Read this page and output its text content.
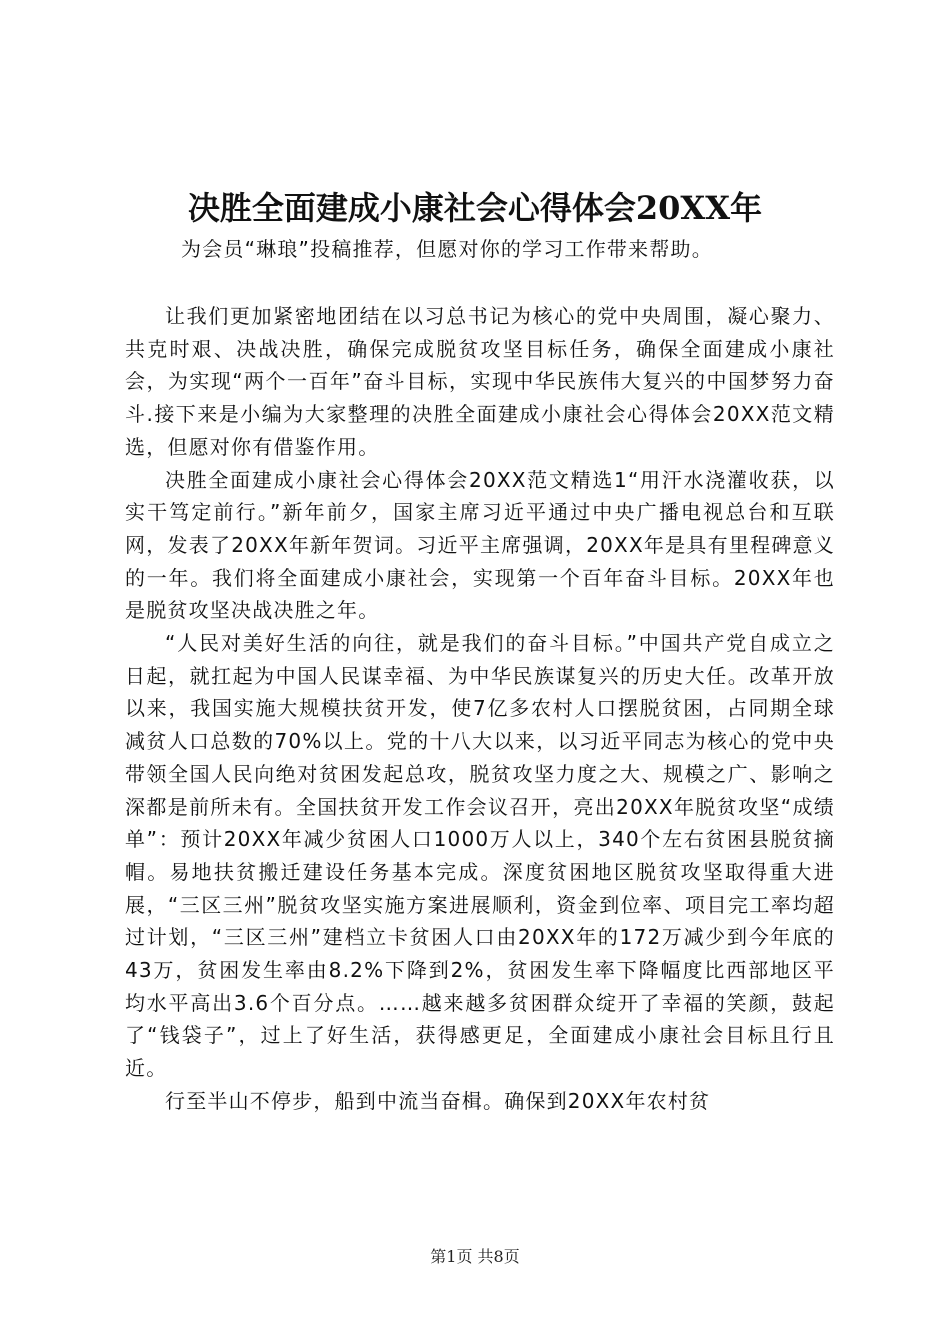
决胜全面建成小康社会心得体会20XX年
为会员“琳琅”投稿推荐，但愿对你的学习工作带来帮助。

让我们更加紧密地团结在以习总书记为核心的党中央周围，凝心聚力、共克时艰、决战决胜，确保完成脱贫攻坚目标任务，确保全面建成小康社会，为实现“两个一百年”奋斗目标，实现中华民族伟大复兴的中国梦努力奋斗.接下来是小编为大家整理的决胜全面建成小康社会心得体会20XX范文精选，但愿对你有借鉴作用。

决胜全面建成小康社会心得体会20XX范文精选1“用汗水浇灌收获，以实干笃定前行。”新年前夕，国家主席习近平通过中央广播电视总台和互联网，发表了20XX年新年贺词。习近平主席强调，20XX年是具有里程碑意义的一年。我们将全面建成小康社会，实现第一个百年奋斗目标。20XX年也是脱贫攻坚决战决胜之年。

“人民对美好生活的向往，就是我们的奋斗目标。”中国共产党自成立之日起，就扛起为中国人民谋幸福、为中华民族谋复兴的历史大任。改革开放以来，我国实施大规模扶贫开发，使7亿多农村人口摆脱贫困，占同期全球减贫人口总数的70%以上。党的十八大以来，以习近平同志为核心的党中央带领全国人民向绝对贫困发起总攻，脱贫攻坚力度之大、规模之广、影响之深都是前所未有。全国扶贫开发工作会议召开，亮出20XX年脱贫攻坚“成绩单”：预计20XX年减少贫困人口1000万人以上，340个左右贫困县脱贫摘帽。易地扶贫搬迁建设任务基本完成。深度贫困地区脱贫攻坚取得重大进展，“三区三州”脱贫攻坚实施方案进展顺利，资金到位率、项目完工率均超过计划，“三区三州”建档立卡贫困人口由20XX年的172万减少到今年底的43万，贫困发生率由8.2%下降到2%，贫困发生率下降幅度比西部地区平均水平高出3.6个百分点。……越来越多贫困群众绽开了幸福的笑颜，鼓起了“钱袋子”，过上了好生活，获得感更足，全面建成小康社会目标且行且近。

行至半山不停步，船到中流当奋楫。确保到20XX年农村贫

第1页 共8页
